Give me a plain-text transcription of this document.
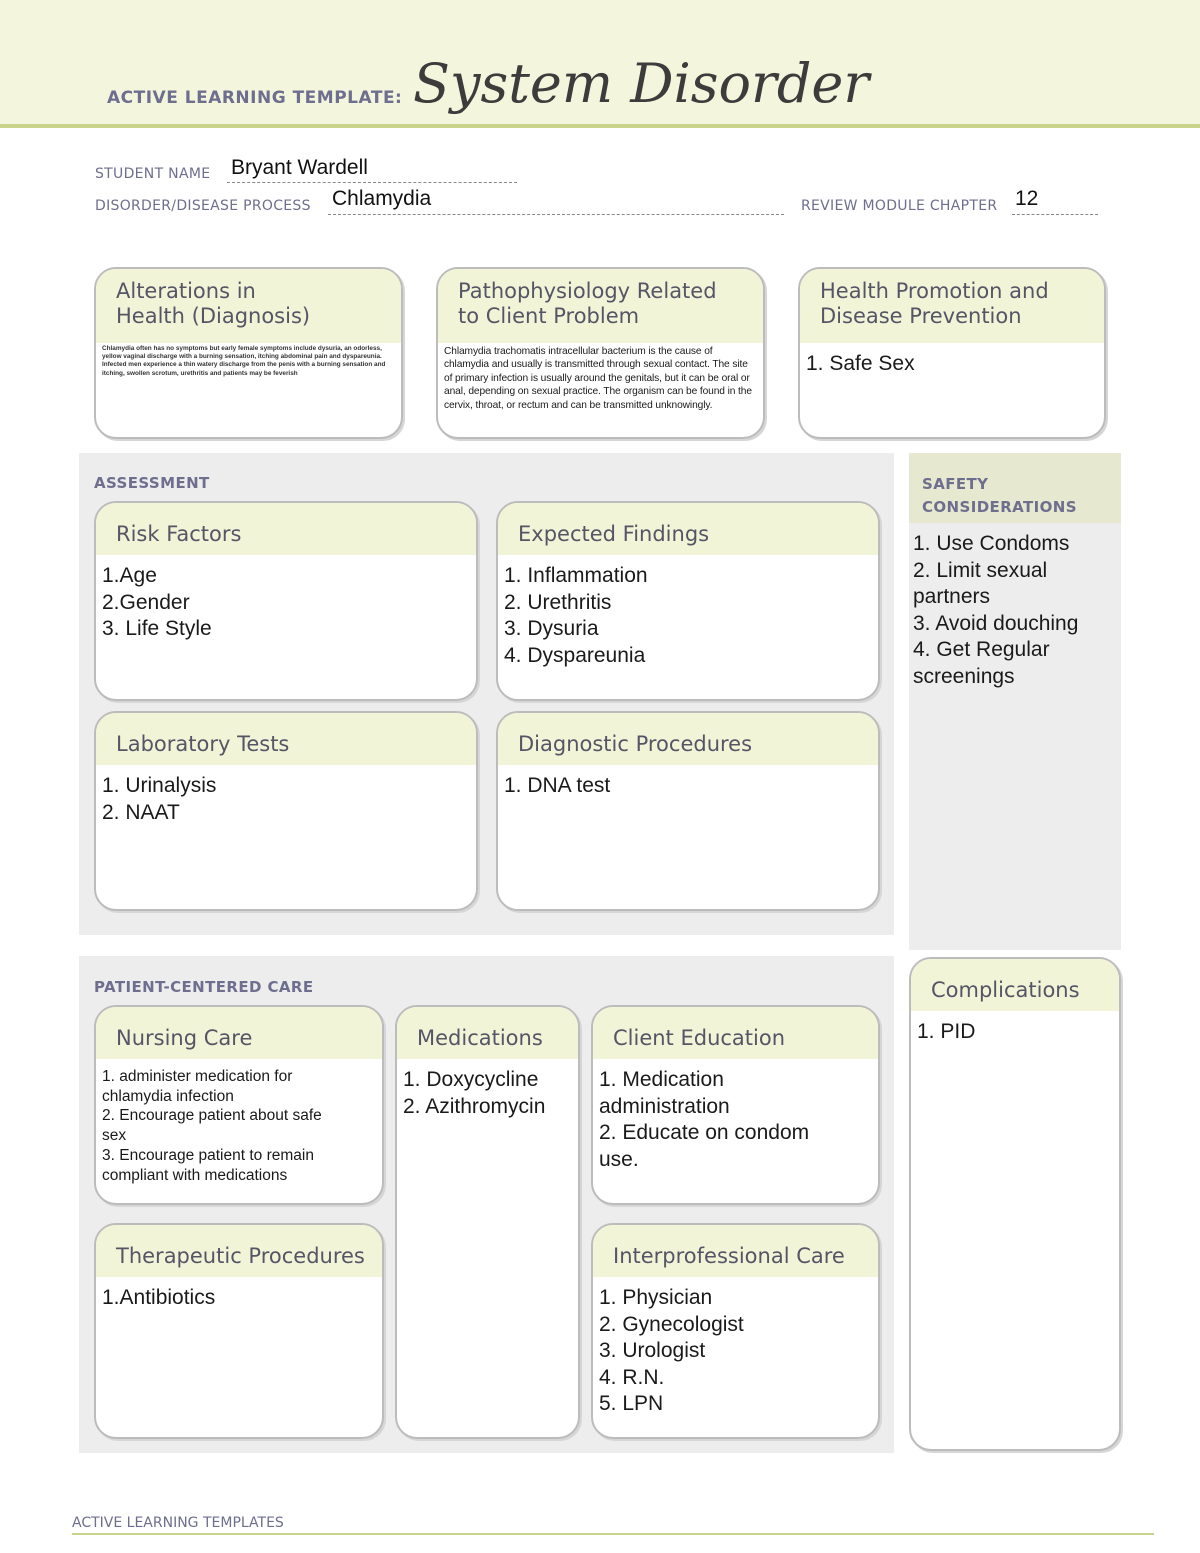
ACTIVE LEARNING TEMPLATE: System Disorder
STUDENT NAME Bryant Wardell
DISORDER/DISEASE PROCESS Chlamydia	REVIEW MODULE CHAPTER 12
Alterations in
Health (Diagnosis)
Chlamydia often has no symptoms but early female symptoms include dysuria, an odorless, yellow vaginal discharge with a burning sensation, itching abdominal pain and dyspareunia. Infected men experience a thin watery discharge from the penis with a burning sensation and itching, swollen scrotum, urethritis and patients may be feverish
Pathophysiology Related
to Client Problem
Chlamydia trachomatis intracellular bacterium is the cause of chlamydia and usually is transmitted through sexual contact. The site of primary infection is usually around the genitals, but it can be oral or anal, depending on sexual practice. The organism can be found in the cervix, throat, or rectum and can be transmitted unknowingly.
Health Promotion and
Disease Prevention
1. Safe Sex
ASSESSMENT
Risk Factors
1.Age
2.Gender
3. Life Style
Expected Findings
1. Inflammation
2. Urethritis
3. Dysuria
4. Dyspareunia
Laboratory Tests
1. Urinalysis
2. NAAT
Diagnostic Procedures
1. DNA test
SAFETY
CONSIDERATIONS
1. Use Condoms
2. Limit sexual
partners
3. Avoid douching
4. Get Regular
screenings
PATIENT-CENTERED CARE
Nursing Care
1. administer medication for
chlamydia infection
2. Encourage patient about safe
sex
3. Encourage patient to remain
compliant with medications
Medications
1. Doxycycline
2. Azithromycin
Client Education
1. Medication
administration
2. Educate on condom
use.
Therapeutic Procedures
1.Antibiotics
Interprofessional Care
1. Physician
2. Gynecologist
3. Urologist
4. R.N.
5. LPN
Complications
1. PID
ACTIVE LEARNING TEMPLATES
